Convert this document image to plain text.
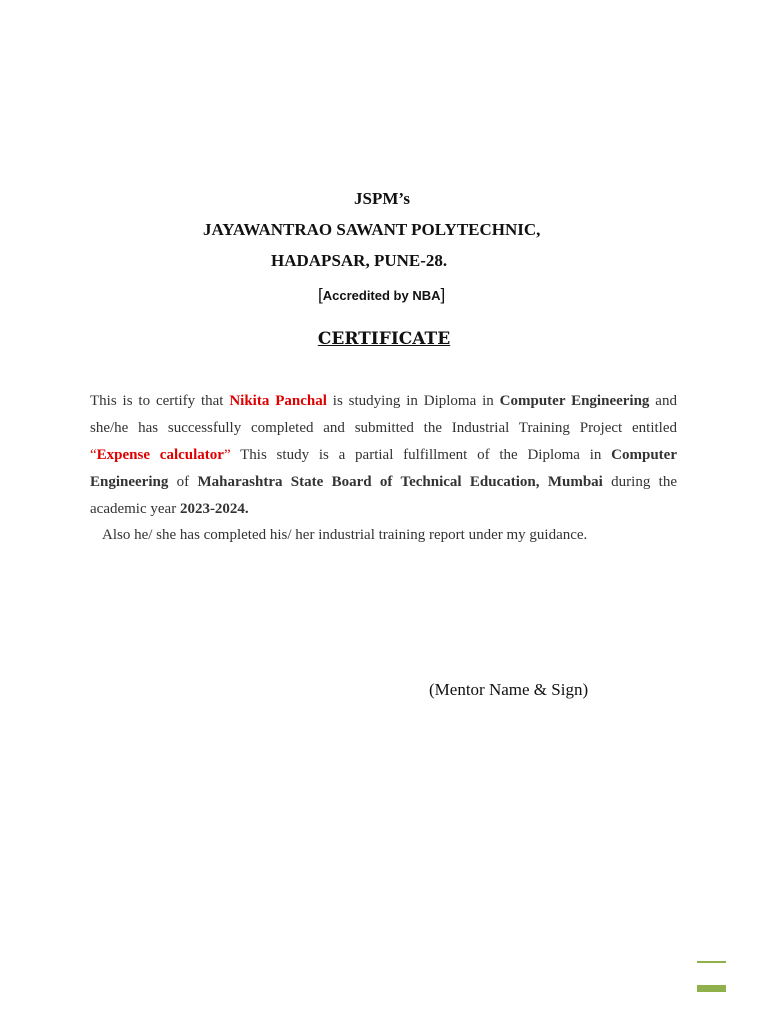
JSPM’s
JAYAWANTRAO SAWANT POLYTECHNIC,
HADAPSAR, PUNE-28.
[Accredited by NBA]
CERTIFICATE
This is to certify that Nikita Panchal is studying in Diploma in Computer Engineering and she/he has successfully completed and submitted the Industrial Training Project entitled “Expense calculator” This study is a partial fulfillment of the Diploma in Computer Engineering of Maharashtra State Board of Technical Education, Mumbai during the academic year 2023-2024.
Also he/ she has completed his/ her industrial training report under my guidance.
(Mentor Name & Sign)
